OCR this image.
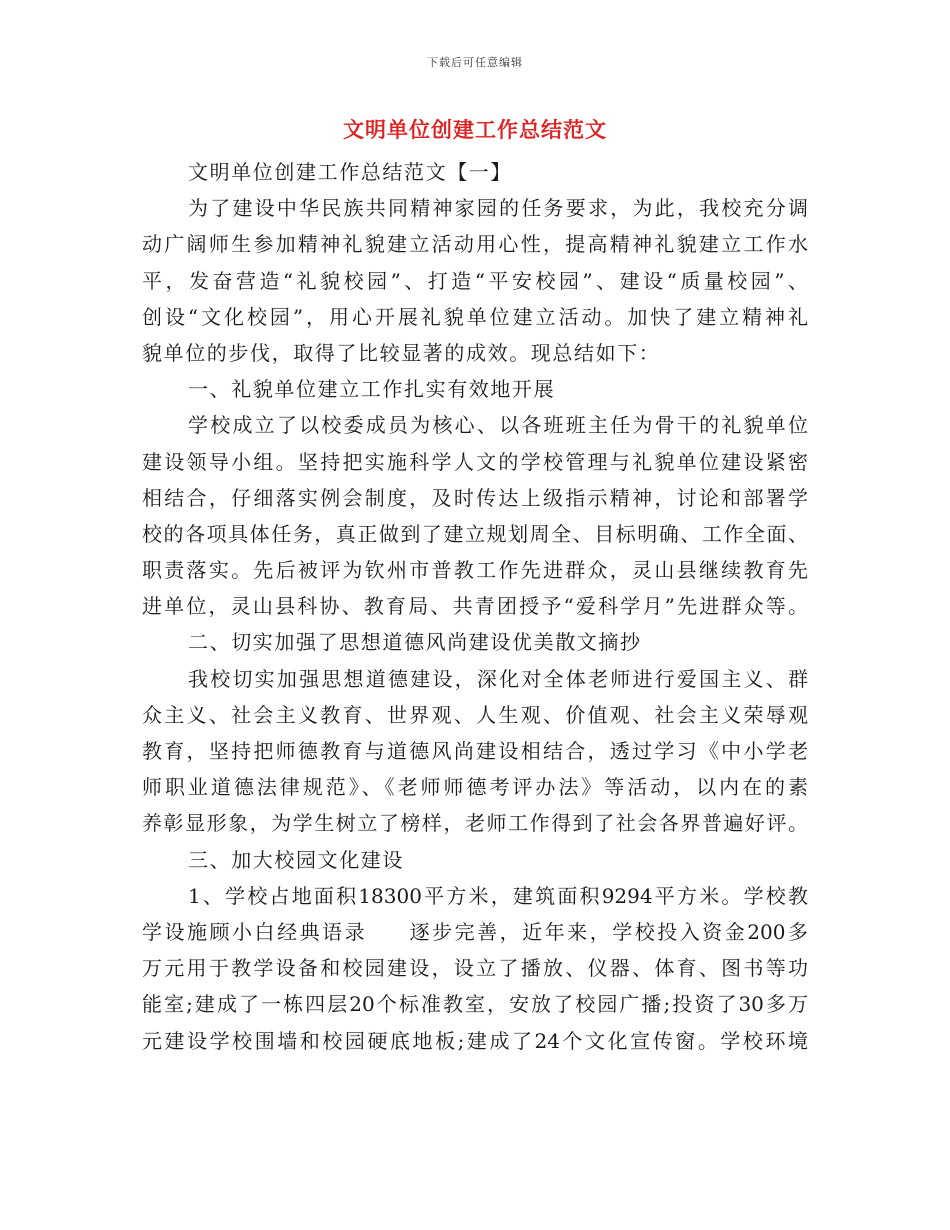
下载后可任意编辑
文明单位创建工作总结范文
文明单位创建工作总结范文【一】
为了建设中华民族共同精神家园的任务要求，为此，我校充分调
动广阔师生参加精神礼貌建立活动用心性，提高精神礼貌建立工作水
平，发奋营造“礼貌校园”、打造“平安校园”、建设“质量校园”、
创设“文化校园”，用心开展礼貌单位建立活动。加快了建立精神礼
貌单位的步伐，取得了比较显著的成效。现总结如下：
一、礼貌单位建立工作扎实有效地开展
学校成立了以校委成员为核心、以各班班主任为骨干的礼貌单位
建设领导小组。坚持把实施科学人文的学校管理与礼貌单位建设紧密
相结合，仔细落实例会制度，及时传达上级指示精神，讨论和部署学
校的各项具体任务，真正做到了建立规划周全、目标明确、工作全面、
职责落实。先后被评为钦州市普教工作先进群众，灵山县继续教育先
进单位，灵山县科协、教育局、共青团授予“爱科学月”先进群众等。
二、切实加强了思想道德风尚建设优美散文摘抄
我校切实加强思想道德建设，深化对全体老师进行爱国主义、群
众主义、社会主义教育、世界观、人生观、价值观、社会主义荣辱观
教育，坚持把师德教育与道德风尚建设相结合，透过学习《中小学老
师职业道德法律规范》、《老师师德考评办法》等活动，以内在的素
养彰显形象，为学生树立了榜样，老师工作得到了社会各界普遍好评。
三、加大校园文化建设
1、学校占地面积18300平方米，建筑面积9294平方米。学校教
学设施顾小白经典语录 逐步完善，近年来，学校投入资金200多
万元用于教学设备和校园建设，设立了播放、仪器、体育、图书等功
能室;建成了一栋四层20个标准教室，安放了校园广播;投资了30多万
元建设学校围墙和校园硬底地板;建成了24个文化宣传窗。学校环境
